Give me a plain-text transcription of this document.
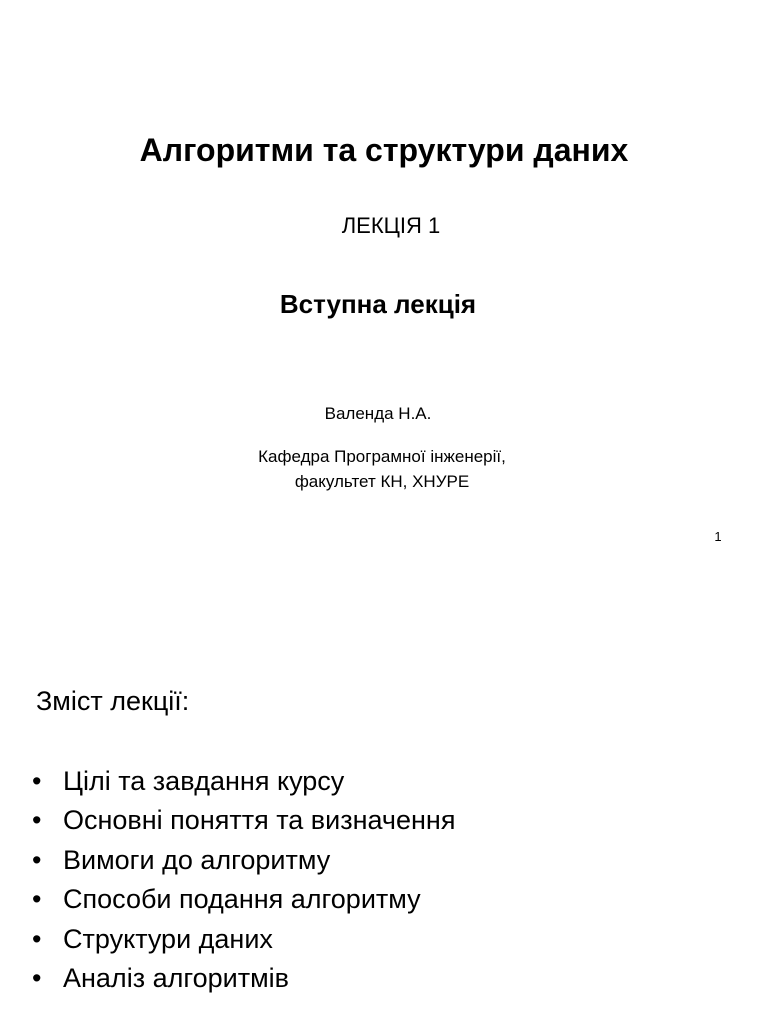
Алгоритми та структури даних
ЛЕКЦІЯ 1
Вступна лекція
Валенда Н.А.
Кафедра Програмної інженерії,
факультет КН, ХНУРЕ
1
Зміст лекції:
• Цілі та завдання курсу
• Основні поняття та визначення
• Вимоги до алгоритму
• Способи подання алгоритму
• Структури даних
• Аналіз алгоритмів
